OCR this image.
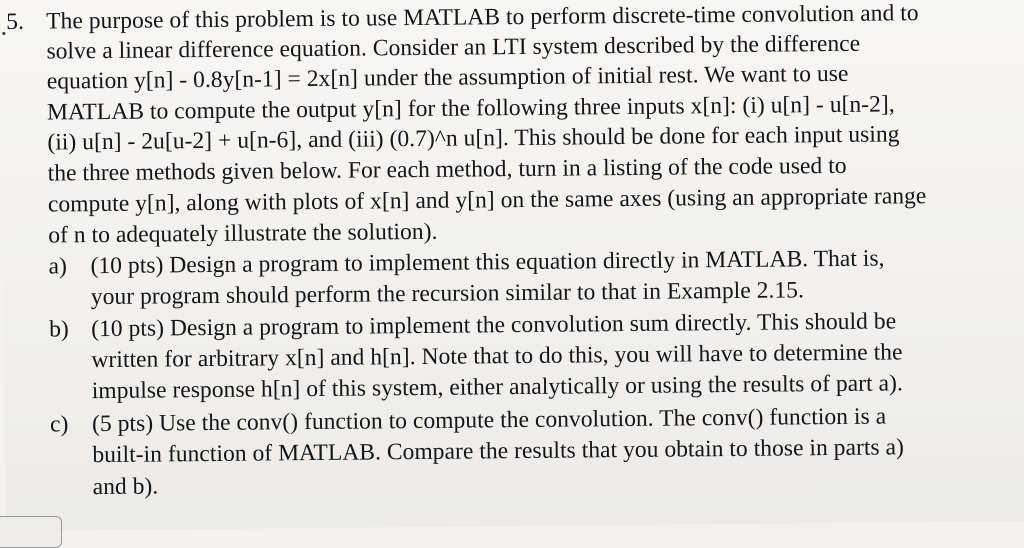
5. The purpose of this problem is to use MATLAB to perform discrete-time convolution and to
solve a linear difference equation. Consider an LTI system described by the difference
equation y[n] - 0.8y[n-1] = 2x[n] under the assumption of initial rest. We want to use
MATLAB to compute the output y[n] for the following three inputs x[n]: (i) u[n] - u[n-2],
(ii) u[n] - 2u[u-2] + u[n-6], and (iii) (0.7)^n u[n]. This should be done for each input using
the three methods given below. For each method, turn in a listing of the code used to
compute y[n], along with plots of x[n] and y[n] on the same axes (using an appropriate range
of n to adequately illustrate the solution).
a) (10 pts) Design a program to implement this equation directly in MATLAB. That is,
your program should perform the recursion similar to that in Example 2.15.
b) (10 pts) Design a program to implement the convolution sum directly. This should be
written for arbitrary x[n] and h[n]. Note that to do this, you will have to determine the
impulse response h[n] of this system, either analytically or using the results of part a).
c) (5 pts) Use the conv() function to compute the convolution. The conv() function is a
built-in function of MATLAB. Compare the results that you obtain to those in parts a)
and b).
